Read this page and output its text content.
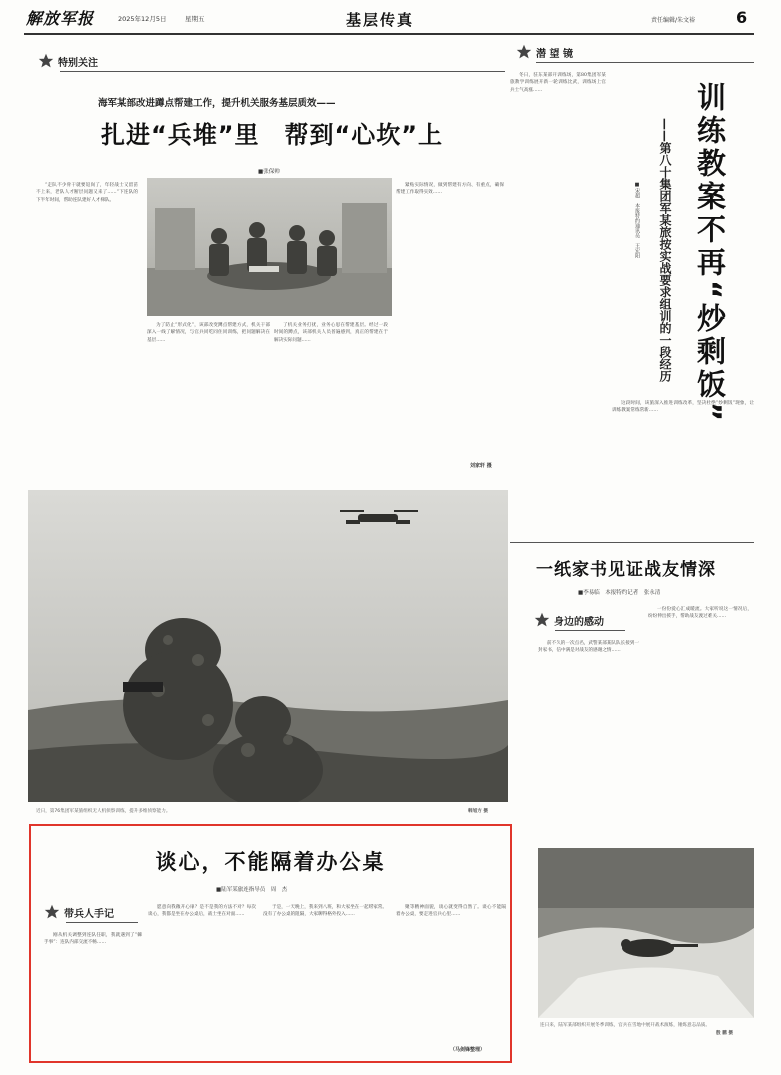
解放军报	2025年12月5日	星期五	基层传真	责任编辑/朱文裕	6
特别关注
海军某部改进蹲点帮建工作，提升机关服务基层质效——
扎进“兵堆”里　帮到“心坎”上
■张保帅

“走队不少骨干就要返岗了，年轻战士又留苗不上来，老队人才断层问题又来了……”下连队的下半年时间，帮助连队建好人才梯队。

为了防止“形式化”，该部改变蹲点帮建方式，机关干部深入一线了解情况，与官兵同吃同住同训练，把问题解决在基层……

了机关业务打扰，业务心思在帮建基层。经过一段时间的蹲点，该部机关人员普遍感到，真正的帮建在于解决实际问题……

紧贴实际情况，做到帮建有方向、有重点，确保帮建工作取得实效……

刘家轩 摄
近日，第76集团军某旅组织无人机侦察训练，提升多维侦察能力。	韩旭方 摄
潜 望 镜

冬日，驻东某部开训练场，第80集团军某旅教学训练展开新一轮训练比武，训练场上官兵士气高涨……

这段时间，该旅深入推进训练改革，坚决杜绝“炒剩饭”现象，让训练教案常练常新……	训练教案不再“炒剩饭”
——第八十集团军某旅按实战要求组训的一段经历
■宋超　本报特约通讯员　王宏阳
一纸家书见证战友情深
■李易临　本报特约记者　张永清
身边的感动

前不久的一次点名，武警某部某队队长接到一封家书，信中满是对战友的感谢之情……

一份份爱心汇成暖流。大家听说这一情况后，纷纷伸出援手，帮助战友渡过难关……

连日来，陆军某部组织开展冬季训练，官兵在雪地中展开战术演练，锤炼意志品质。
殷 鹏 摄
谈心，不能隔着办公桌
■陆军某旅连指导员　周　杰
带兵人手记

刚从机关调整到连队任职，我就遇到了“棘手事”：连队内部交流不畅……

愿意向我敞开心扉？是不是我的方法不对？每次谈心，我都是坐在办公桌后，战士坐在对面……

于是，一天晚上，我来到八班，和大家坐在一起唠家常。没有了办公桌的阻隔，大家聊得格外投入……

聚等精神面貌，谈心就变得自然了。谈心不能隔着办公桌，要走进官兵心里……

（马剑锋整理）
